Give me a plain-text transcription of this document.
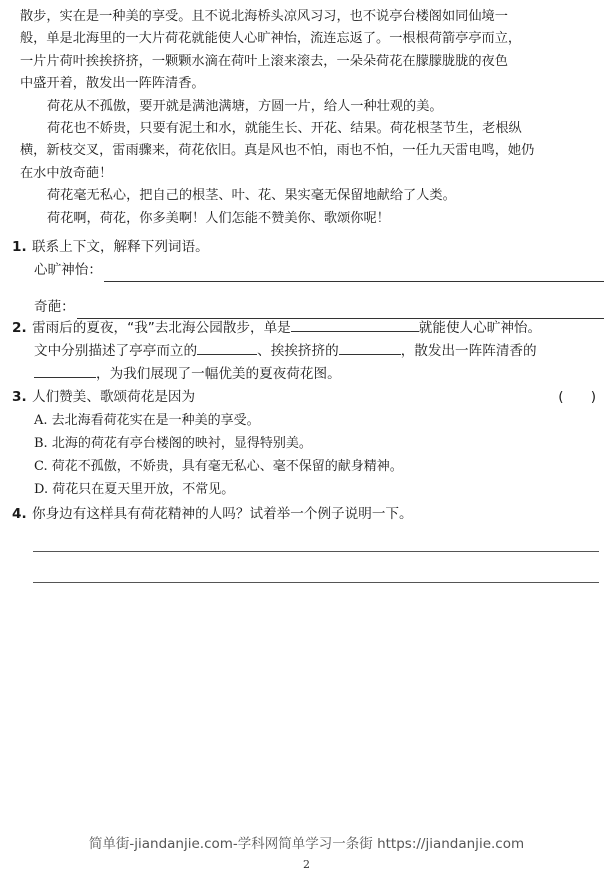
散步，实在是一种美的享受。且不说北海桥头凉风习习，也不说亭台楼阁如同仙境一
般，单是北海里的一大片荷花就能使人心旷神怡，流连忘返了。一根根荷箭亭亭而立，
一片片荷叶挨挨挤挤，一颗颗水滴在荷叶上滚来滚去，一朵朵荷花在朦朦胧胧的夜色
中盛开着，散发出一阵阵清香。
荷花从不孤傲，要开就是满池满塘，方圆一片，给人一种壮观的美。
荷花也不娇贵，只要有泥土和水，就能生长、开花、结果。荷花根茎节生，老根纵
横，新枝交叉，雷雨骤来，荷花依旧。真是风也不怕，雨也不怕，一任九天雷电鸣，她仍
在水中放奇葩！
荷花毫无私心，把自己的根茎、叶、花、果实毫无保留地献给了人类。
荷花啊，荷花，你多美啊！人们怎能不赞美你、歌颂你呢！
1. 联系上下文，解释下列词语。
心旷神怡：
奇葩：
2. 雷雨后的夏夜，“我”去北海公园散步，单是	就能使人心旷神怡。
文中分别描述了亭亭而立的	、挨挨挤挤的	，散发出一阵阵清香的
，为我们展现了一幅优美的夏夜荷花图。
3. 人们赞美、歌颂荷花是因为	(　　)
A. 去北海看荷花实在是一种美的享受。
B. 北海的荷花有亭台楼阁的映衬，显得特别美。
C. 荷花不孤傲，不娇贵，具有毫无私心、毫不保留的献身精神。
D. 荷花只在夏天里开放，不常见。
4. 你身边有这样具有荷花精神的人吗？试着举一个例子说明一下。
简单街-jiandanjie.com-学科网简单学习一条街 https://jiandanjie.com
2
